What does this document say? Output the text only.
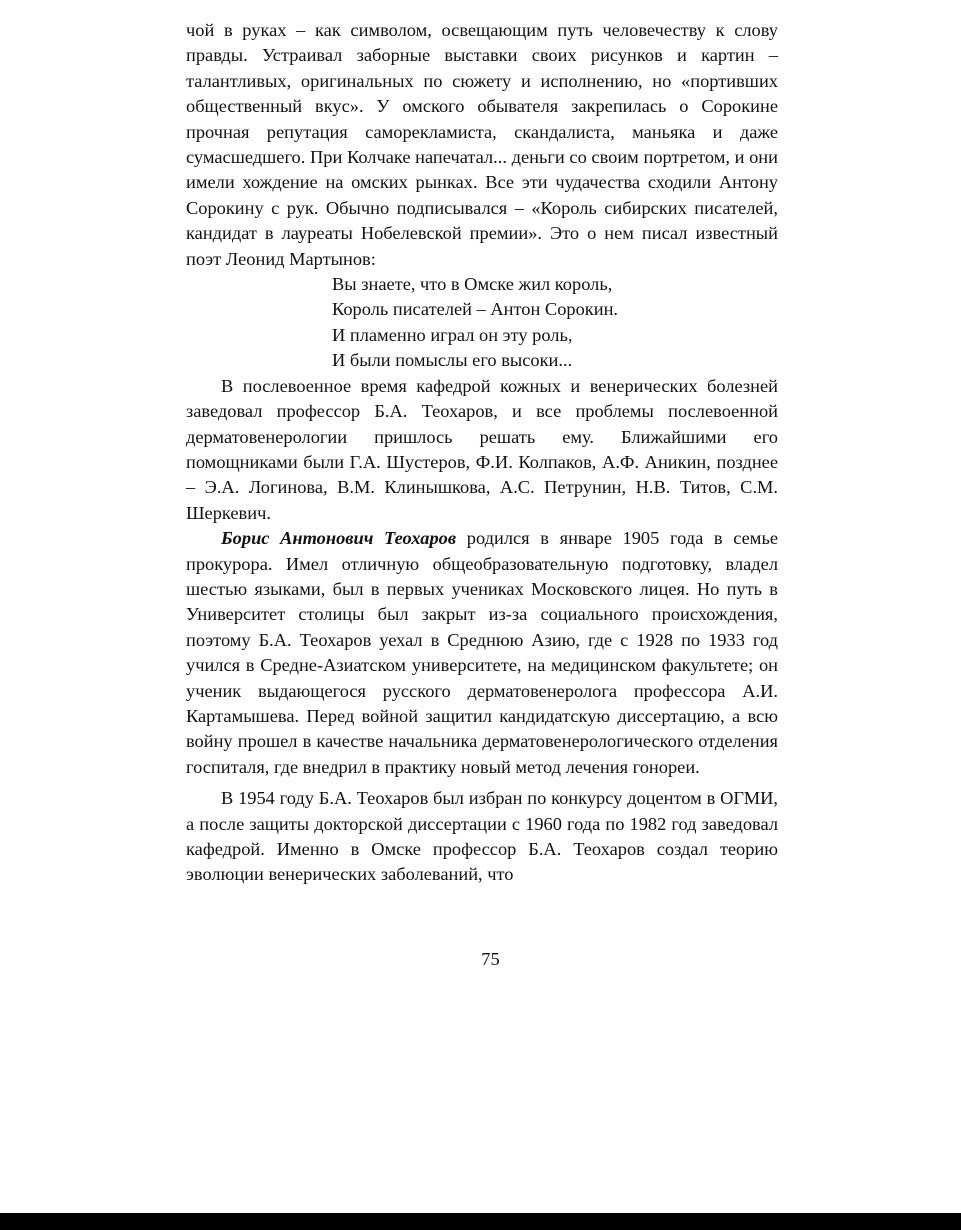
чой в руках – как символом, освещающим путь человечеству к слову правды. Устраивал заборные выставки своих рисунков и картин – талантливых, оригинальных по сюжету и исполнению, но «портивших общественный вкус». У омского обывателя закрепилась о Сорокине прочная репутация саморекламиста, скандалиста, маньяка и даже сумасшедшего. При Колчаке напечатал... деньги со своим портретом, и они имели хождение на омских рынках. Все эти чудачества сходили Антону Сорокину с рук. Обычно подписывался – «Король сибирских писателей, кандидат в лауреаты Нобелевской премии». Это о нем писал известный поэт Леонид Мартынов:

Вы знаете, что в Омске жил король,
Король писателей – Антон Сорокин.
И пламенно играл он эту роль,
И были помыслы его высоки...

В послевоенное время кафедрой кожных и венерических болезней заведовал профессор Б.А. Теохаров, и все проблемы послевоенной дерматовенерологии пришлось решать ему. Ближайшими его помощниками были Г.А. Шустеров, Ф.И. Колпаков, А.Ф. Аникин, позднее – Э.А. Логинова, В.М. Клинышкова, А.С. Петрунин, Н.В. Титов, С.М. Шеркевич.

Борис Антонович Теохаров родился в январе 1905 года в семье прокурора. Имел отличную общеобразовательную подготовку, владел шестью языками, был в первых учениках Московского лицея. Но путь в Университет столицы был закрыт из-за социального происхождения, поэтому Б.А. Теохаров уехал в Среднюю Азию, где с 1928 по 1933 год учился в Средне-Азиатском университете, на медицинском факультете; он ученик выдающегося русского дерматовенеролога профессора А.И. Картамышева. Перед войной защитил кандидатскую диссертацию, а всю войну прошел в качестве начальника дерматовенерологического отделения госпиталя, где внедрил в практику новый метод лечения гонореи.

В 1954 году Б.А. Теохаров был избран по конкурсу доцентом в ОГМИ, а после защиты докторской диссертации с 1960 года по 1982 год заведовал кафедрой. Именно в Омске профессор Б.А. Теохаров создал теорию эволюции венерических заболеваний, что

75
